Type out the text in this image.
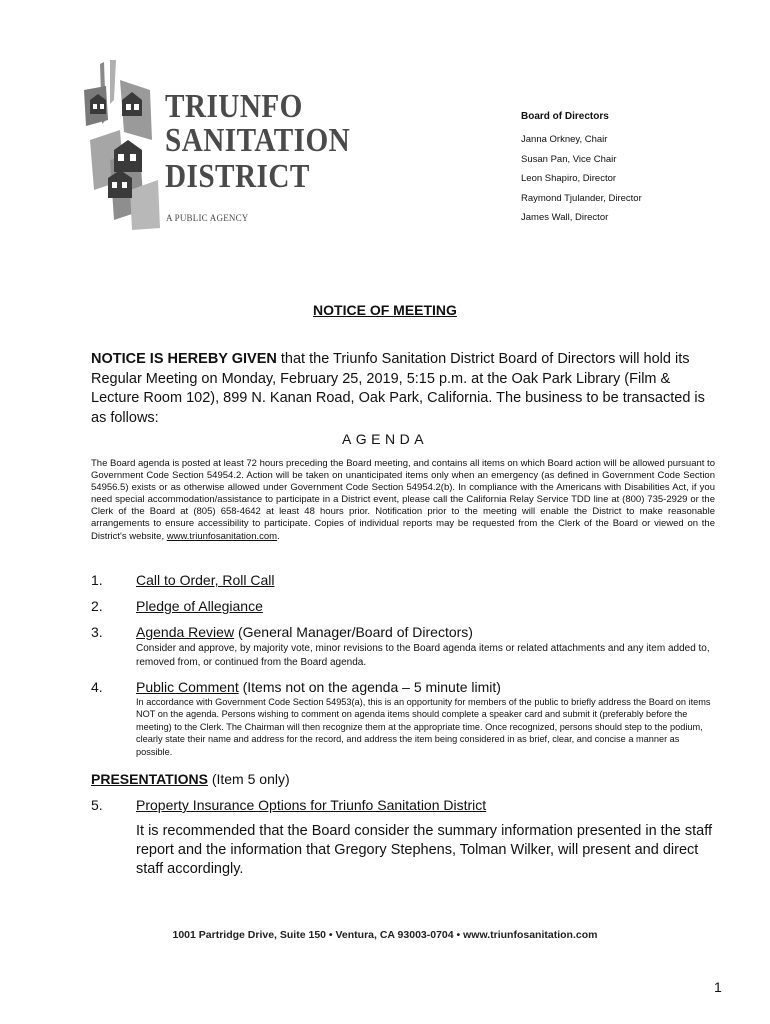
TRIUNFO
SANITATION
DISTRICT
A PUBLIC AGENCY
Board of Directors
Janna Orkney, Chair
Susan Pan, Vice Chair
Leon Shapiro, Director
Raymond Tjulander, Director
James Wall, Director
NOTICE OF MEETING
NOTICE IS HEREBY GIVEN that the Triunfo Sanitation District Board of Directors will hold its Regular Meeting on Monday, February 25, 2019, 5:15 p.m. at the Oak Park Library (Film & Lecture Room 102), 899 N. Kanan Road, Oak Park, California. The business to be transacted is as follows:
AGENDA
The Board agenda is posted at least 72 hours preceding the Board meeting, and contains all items on which Board action will be allowed pursuant to Government Code Section 54954.2. Action will be taken on unanticipated items only when an emergency (as defined in Government Code Section 54956.5) exists or as otherwise allowed under Government Code Section 54954.2(b). In compliance with the Americans with Disabilities Act, if you need special accommodation/assistance to participate in a District event, please call the California Relay Service TDD line at (800) 735-2929 or the Clerk of the Board at (805) 658-4642 at least 48 hours prior. Notification prior to the meeting will enable the District to make reasonable arrangements to ensure accessibility to participate. Copies of individual reports may be requested from the Clerk of the Board or viewed on the District's website, www.triunfosanitation.com.
1. Call to Order, Roll Call
2. Pledge of Allegiance
3. Agenda Review (General Manager/Board of Directors)
Consider and approve, by majority vote, minor revisions to the Board agenda items or related attachments and any item added to, removed from, or continued from the Board agenda.
4. Public Comment (Items not on the agenda – 5 minute limit)
In accordance with Government Code Section 54953(a), this is an opportunity for members of the public to briefly address the Board on items NOT on the agenda. Persons wishing to comment on agenda items should complete a speaker card and submit it (preferably before the meeting) to the Clerk. The Chairman will then recognize them at the appropriate time. Once recognized, persons should step to the podium, clearly state their name and address for the record, and address the item being considered in as brief, clear, and concise a manner as possible.
PRESENTATIONS (Item 5 only)
5. Property Insurance Options for Triunfo Sanitation District
It is recommended that the Board consider the summary information presented in the staff report and the information that Gregory Stephens, Tolman Wilker, will present and direct staff accordingly.
1001 Partridge Drive, Suite 150 • Ventura, CA 93003-0704 • www.triunfosanitation.com
1
